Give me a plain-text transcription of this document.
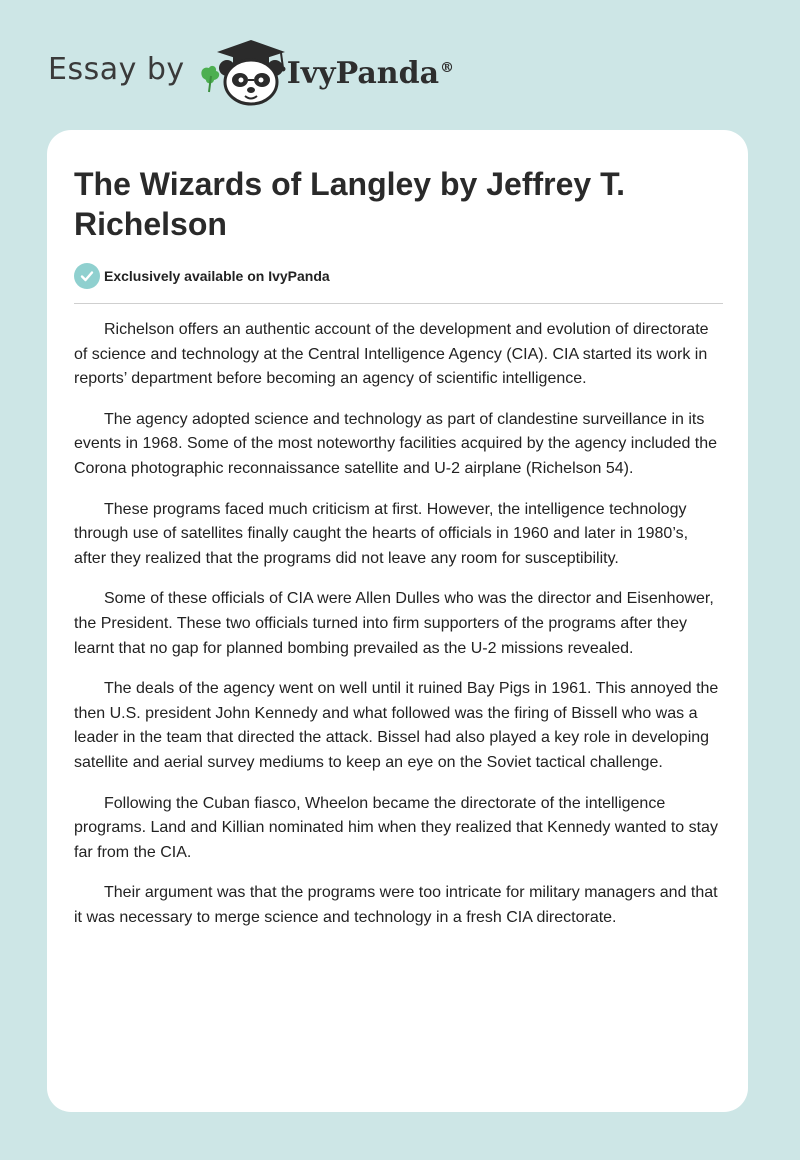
Essay by	IvyPanda®
The Wizards of Langley by Jeffrey T. Richelson
Exclusively available on IvyPanda

Richelson offers an authentic account of the development and evolution of directorate of science and technology at the Central Intelligence Agency (CIA). CIA started its work in reports’ department before becoming an agency of scientific intelligence.

The agency adopted science and technology as part of clandestine surveillance in its events in 1968. Some of the most noteworthy facilities acquired by the agency included the Corona photographic reconnaissance satellite and U-2 airplane (Richelson 54).

These programs faced much criticism at first. However, the intelligence technology through use of satellites finally caught the hearts of officials in 1960 and later in 1980’s, after they realized that the programs did not leave any room for susceptibility.

Some of these officials of CIA were Allen Dulles who was the director and Eisenhower, the President. These two officials turned into firm supporters of the programs after they learnt that no gap for planned bombing prevailed as the U-2 missions revealed.

The deals of the agency went on well until it ruined Bay Pigs in 1961. This annoyed the then U.S. president John Kennedy and what followed was the firing of Bissell who was a leader in the team that directed the attack. Bissel had also played a key role in developing satellite and aerial survey mediums to keep an eye on the Soviet tactical challenge.

Following the Cuban fiasco, Wheelon became the directorate of the intelligence programs. Land and Killian nominated him when they realized that Kennedy wanted to stay far from the CIA.

Their argument was that the programs were too intricate for military managers and that it was necessary to merge science and technology in a fresh CIA directorate.
